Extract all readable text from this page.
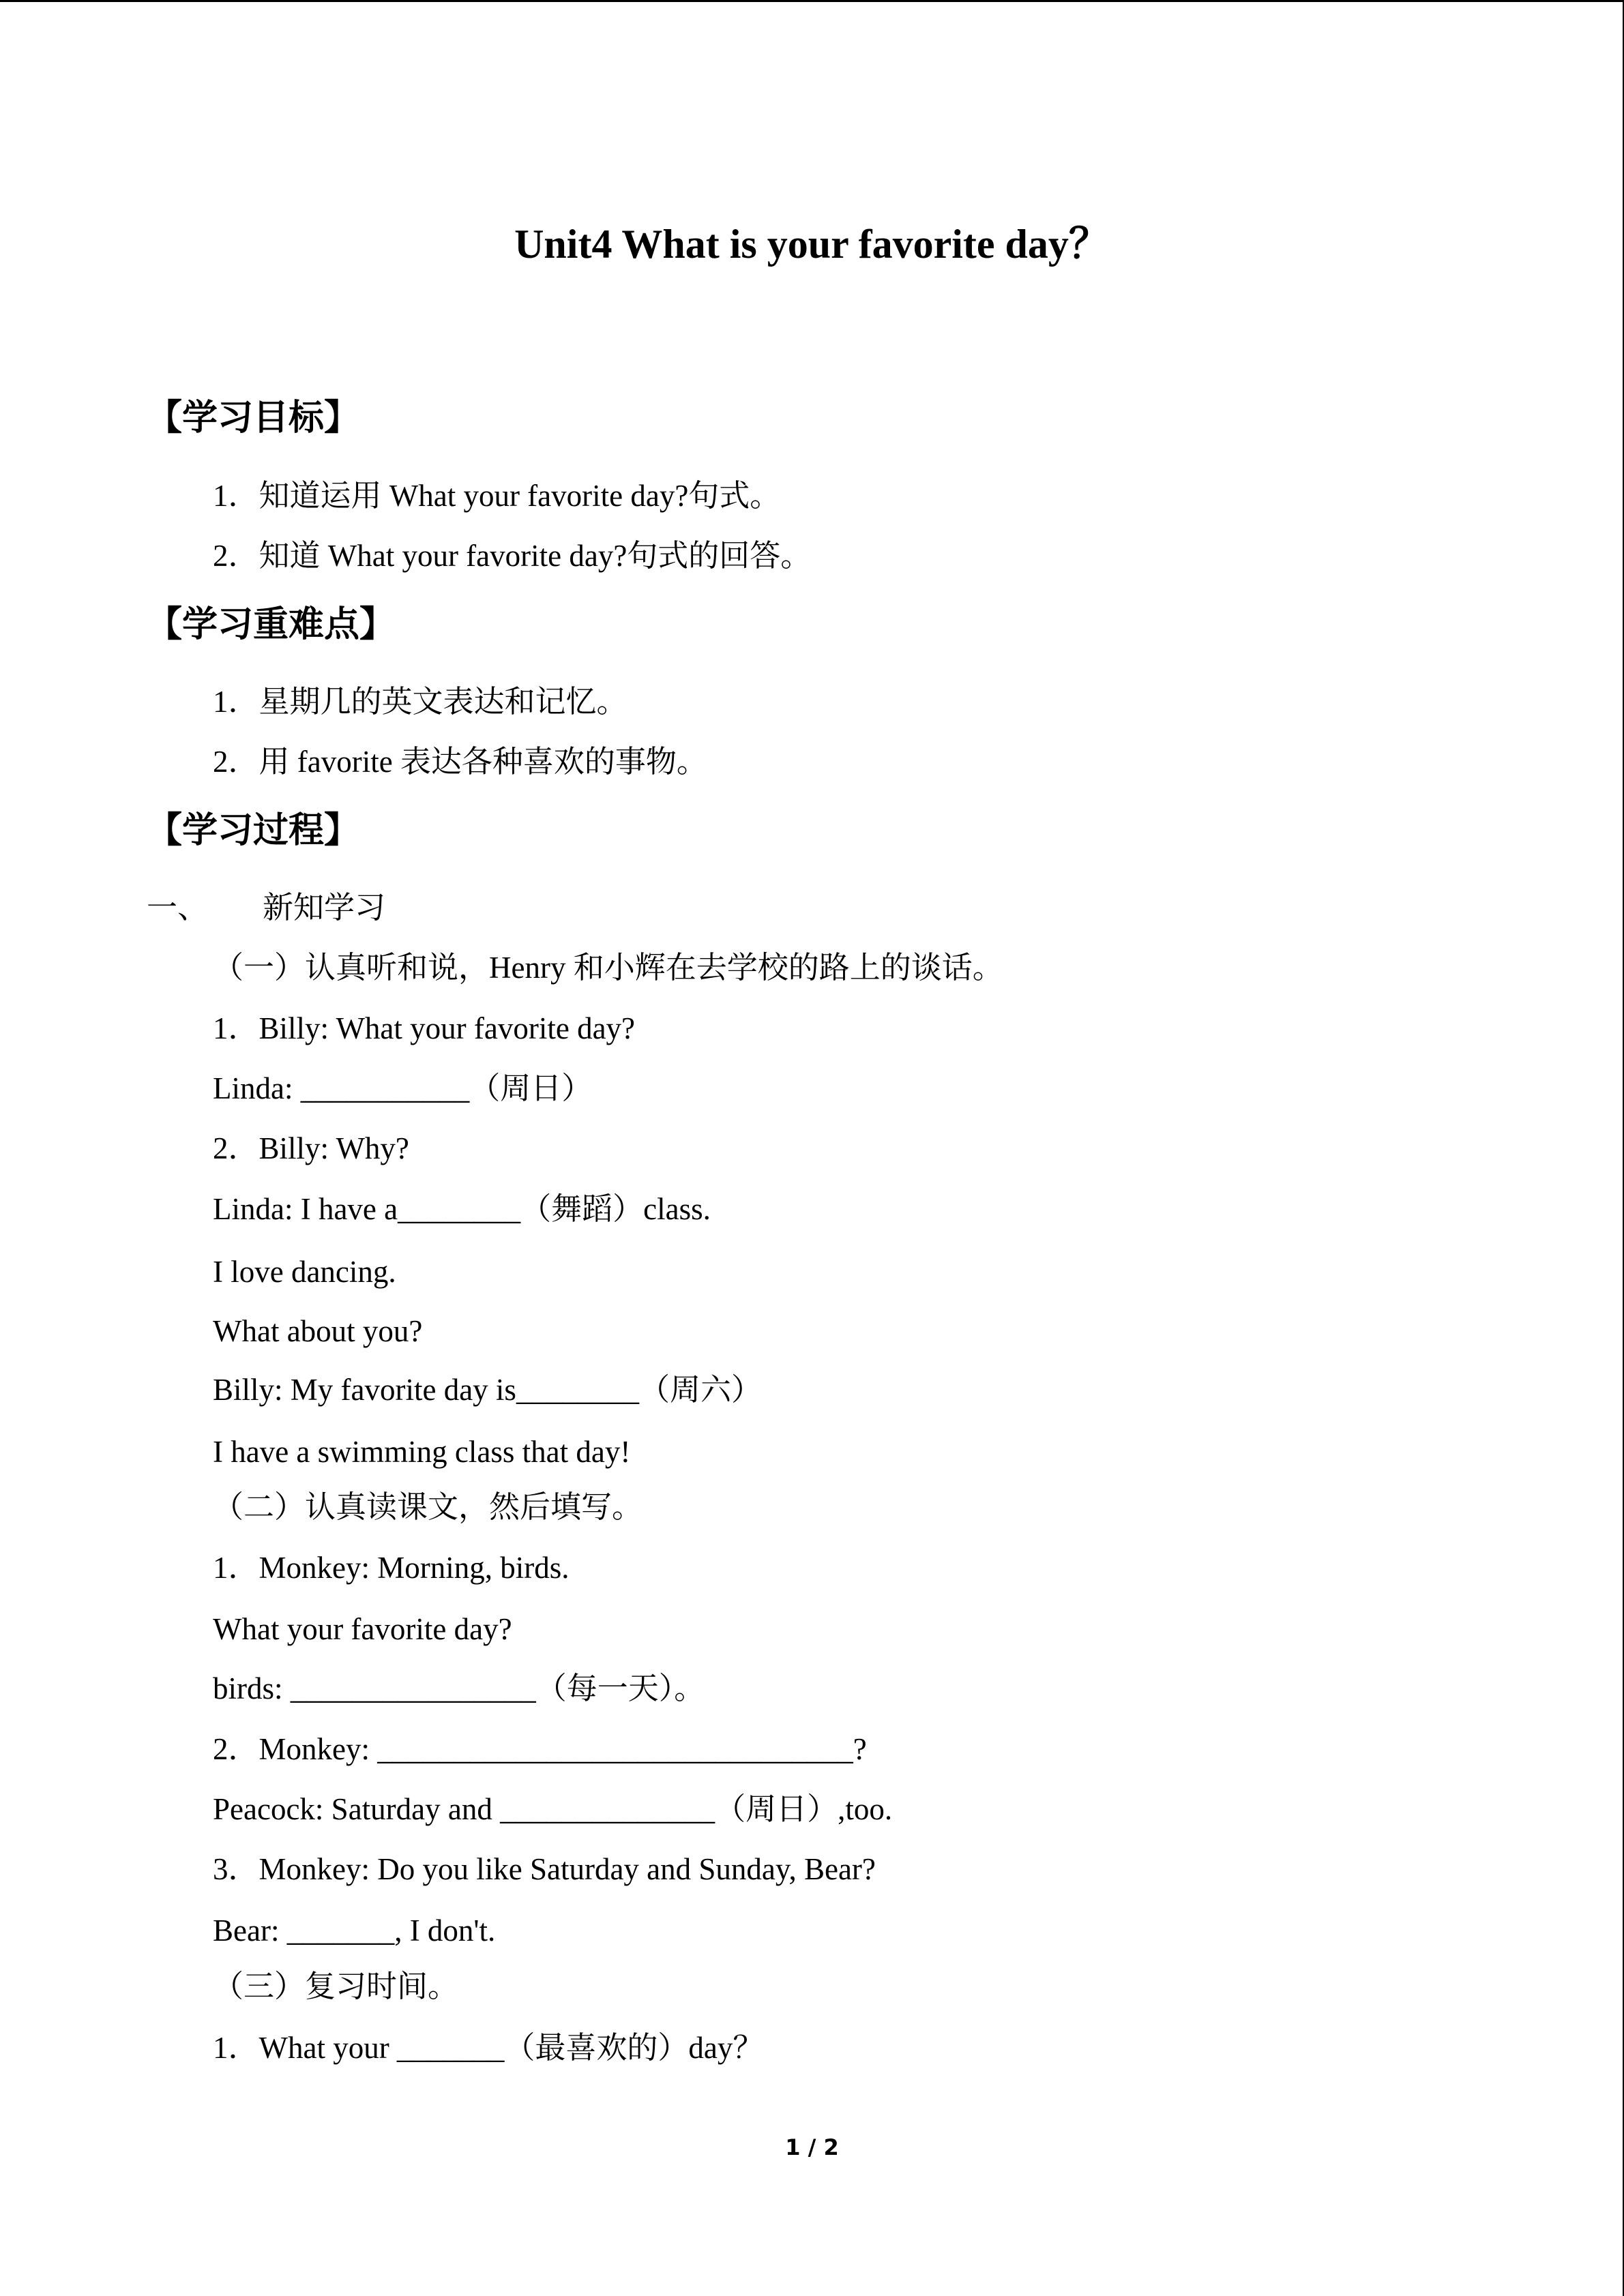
Unit4 What is your favorite day？
【学习目标】
1．知道运用 What your favorite day?句式。
2．知道 What your favorite day?句式的回答。
【学习重难点】
1．星期几的英文表达和记忆。
2．用 favorite 表达各种喜欢的事物。
【学习过程】
一、 新知学习
（一）认真听和说，Henry 和小辉在去学校的路上的谈话。
1．Billy: What your favorite day?
Linda: ___________（周日）
2．Billy: Why?
Linda: I have a________（舞蹈）class.
I love dancing.
What about you?
Billy: My favorite day is________（周六）
I have a swimming class that day!
（二）认真读课文，然后填写。
1．Monkey: Morning, birds.
What your favorite day?
birds: ________________（每一天）。
2．Monkey: _______________________________?
Peacock: Saturday and ______________（周日）,too.
3．Monkey: Do you like Saturday and Sunday, Bear?
Bear: _______, I don't.
（三）复习时间。
1．What your _______（最喜欢的）day？
1 / 2
